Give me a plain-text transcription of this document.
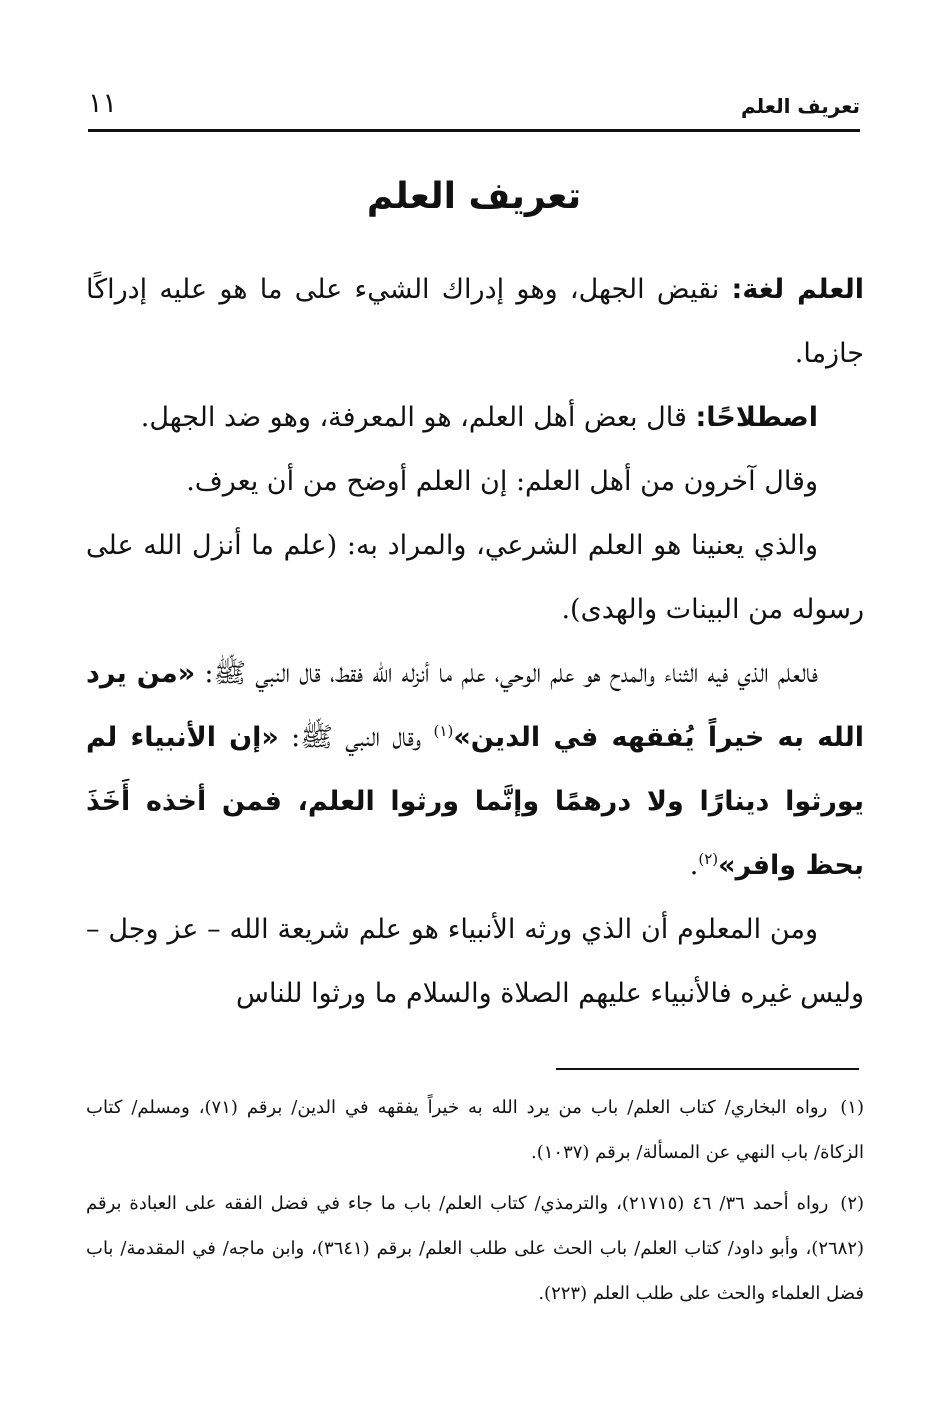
تعريف العلم
١١
تعريف العلم

العلم لغة: نقيض الجهل، وهو إدراك الشيء على ما هو عليه إدراكًا جازما.

اصطلاحًا: قال بعض أهل العلم، هو المعرفة، وهو ضد الجهل.

وقال آخرون من أهل العلم: إن العلم أوضح من أن يعرف.

والذي يعنينا هو العلم الشرعي، والمراد به: (علم ما أنزل الله على رسوله من البينات والهدى).

فالعلم الذي فيه الثناء والمدح هو علم الوحي، علم ما أنزله الله فقط، قال النبي ﷺ: «من يرد الله به خيراً يُفقهه في الدين»$^{(١)}$ وقال النبي ﷺ: «إن الأنبياء لم يورثوا دينارًا ولا درهمًا وإنَّما ورثوا العلم، فمن أخذه أَخَذَ بحظ وافر»$^{(٢)}$.

ومن المعلوم أن الذي ورثه الأنبياء هو علم شريعة الله – عز وجل – وليس غيره فالأنبياء عليهم الصلاة والسلام ما ورثوا للناس

(١) رواه البخاري/ كتاب العلم/ باب من يرد الله به خيراً يفقهه في الدين/ برقم (٧١)، ومسلم/ كتاب الزكاة/ باب النهي عن المسألة/ برقم (١٠٣٧).

(٢) رواه أحمد ٣٦/ ٤٦ (٢١٧١٥)، والترمذي/ كتاب العلم/ باب ما جاء في فضل الفقه على العبادة برقم (٢٦٨٢)، وأبو داود/ كتاب العلم/ باب الحث على طلب العلم/ برقم (٣٦٤١)، وابن ماجه/ في المقدمة/ باب فضل العلماء والحث على طلب العلم (٢٢٣).
